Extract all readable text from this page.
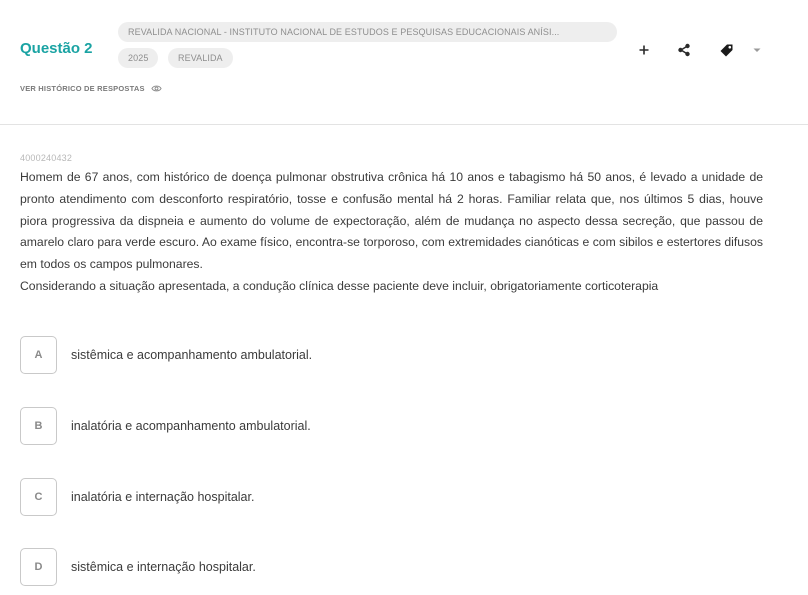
Questão 2
REVALIDA NACIONAL - INSTITUTO NACIONAL DE ESTUDOS E PESQUISAS EDUCACIONAIS ANÍSI...
2025	REVALIDA
VER HISTÓRICO DE RESPOSTAS
4000240432

Homem de 67 anos, com histórico de doença pulmonar obstrutiva crônica há 10 anos e tabagismo há 50 anos, é levado a unidade de pronto atendimento com desconforto respiratório, tosse e confusão mental há 2 horas. Familiar relata que, nos últimos 5 dias, houve piora progressiva da dispneia e aumento do volume de expectoração, além de mudança no aspecto dessa secreção, que passou de amarelo claro para verde escuro. Ao exame físico, encontra-se torporoso, com extremidades cianóticas e com sibilos e estertores difusos em todos os campos pulmonares.

Considerando a situação apresentada, a condução clínica desse paciente deve incluir, obrigatoriamente corticoterapia

A	sistêmica e acompanhamento ambulatorial.
B	inalatória e acompanhamento ambulatorial.
C	inalatória e internação hospitalar.
D	sistêmica e internação hospitalar.
